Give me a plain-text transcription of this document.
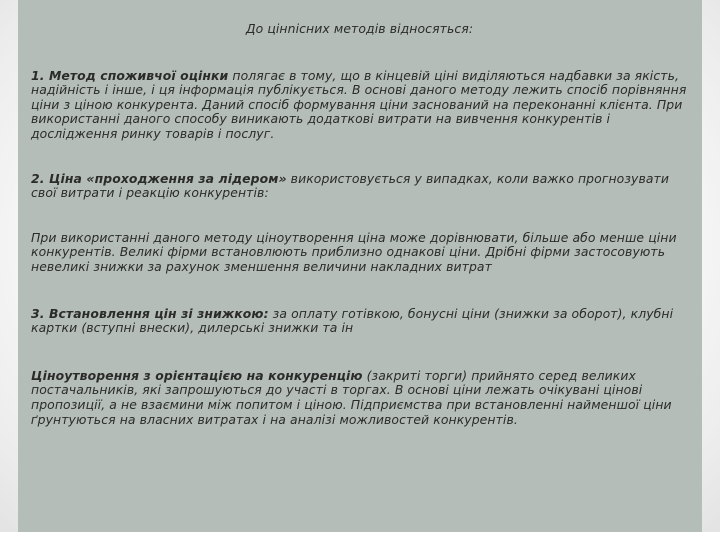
До цінnісних методів відносяться:

1. Метод споживчої оцінки полягає в тому, що в кінцевій ціні виділяються надбавки за якість, надійність і інше, і ця інформація публікується. В основі даного методу лежить спосіб порівняння ціни з ціною конкурента. Даний спосіб формування ціни заснований на переконанні клієнта. При використанні даного способу виникають додаткові витрати на вивчення конкурентів і дослідження ринку товарів і послуг.

2. Ціна «проходження за лідером» використовується у випадках, коли важко прогнозувати свої витрати і реакцію конкурентів:

При використанні даного методу ціноутворення ціна може дорівнювати, більше або менше ціни конкурентів. Великі фірми встановлюють приблизно однакові ціни. Дрібні фірми застосовують невеликі знижки за рахунок зменшення величини накладних витрат

3. Встановлення цін зі знижкою: за оплату готівкою, бонусні ціни (знижки за оборот), клубні картки (вступні внески), дилерські знижки та ін

Ціноутворення з орієнтацією на конкуренцію (закриті торги) прийнято серед великих постачальників, які запрошуються до участі в торгах. В основі ціни лежать очікувані цінові пропозиції, а не взаємини між попитом і ціною. Підприємства при встановленні найменшої ціни ґрунтуються на власних витратах і на аналізі можливостей конкурентів.
